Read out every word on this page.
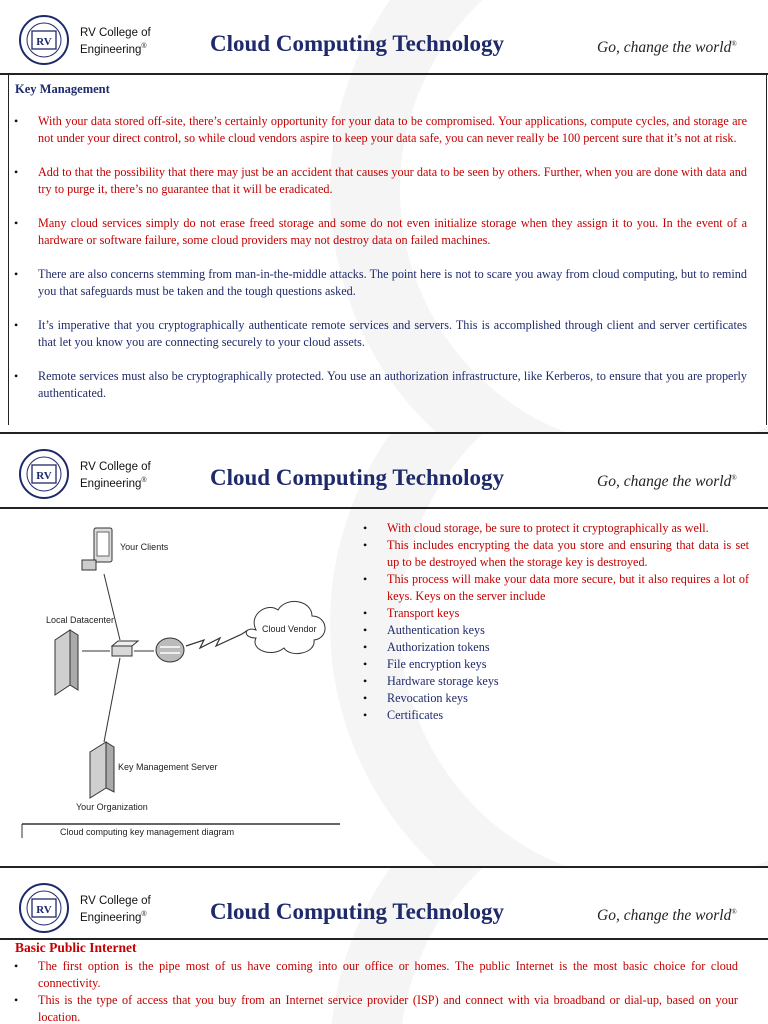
RV
RV College of
Engineering®	Cloud Computing Technology	Go, change the world®
Key Management
• With your data stored off-site, there’s certainly opportunity for your data to be compromised. Your applications, compute cycles, and storage are not under your direct control, so while cloud vendors aspire to keep your data safe, you can never really be 100 percent sure that it’s not at risk.
• Add to that the possibility that there may just be an accident that causes your data to be seen by others. Further, when you are done with data and try to purge it, there’s no guarantee that it will be eradicated.
• Many cloud services simply do not erase freed storage and some do not even initialize storage when they assign it to you. In the event of a hardware or software failure, some cloud providers may not destroy data on failed machines.
• There are also concerns stemming from man-in-the-middle attacks. The point here is not to scare you away from cloud computing, but to remind you that safeguards must be taken and the tough questions asked.
• It’s imperative that you cryptographically authenticate remote services and servers. This is accomplished through client and server certificates that let you know you are connecting securely to your cloud assets.
• Remote services must also be cryptographically protected. You use an authorization infrastructure, like Kerberos, to ensure that you are properly authenticated.
RV
RV College of
Engineering®	Cloud Computing Technology	Go, change the world®
Your Clients
Local Datacenter
Cloud Vendor
Key Management Server
Your Organization
Cloud computing key management diagram
• With cloud storage, be sure to protect it cryptographically as well.
• This includes encrypting the data you store and ensuring that data is set up to be destroyed when the storage key is destroyed.
• This process will make your data more secure, but it also requires a lot of keys. Keys on the server include
• Transport keys
• Authentication keys
• Authorization tokens
• File encryption keys
• Hardware storage keys
• Revocation keys
• Certificates
RV
RV College of
Engineering®	Cloud Computing Technology	Go, change the world®
Basic Public Internet
• The first option is the pipe most of us have coming into our office or homes. The public Internet is the most basic choice for cloud connectivity.
• This is the type of access that you buy from an Internet service provider (ISP) and connect with via broadband or dial-up, based on your location.
